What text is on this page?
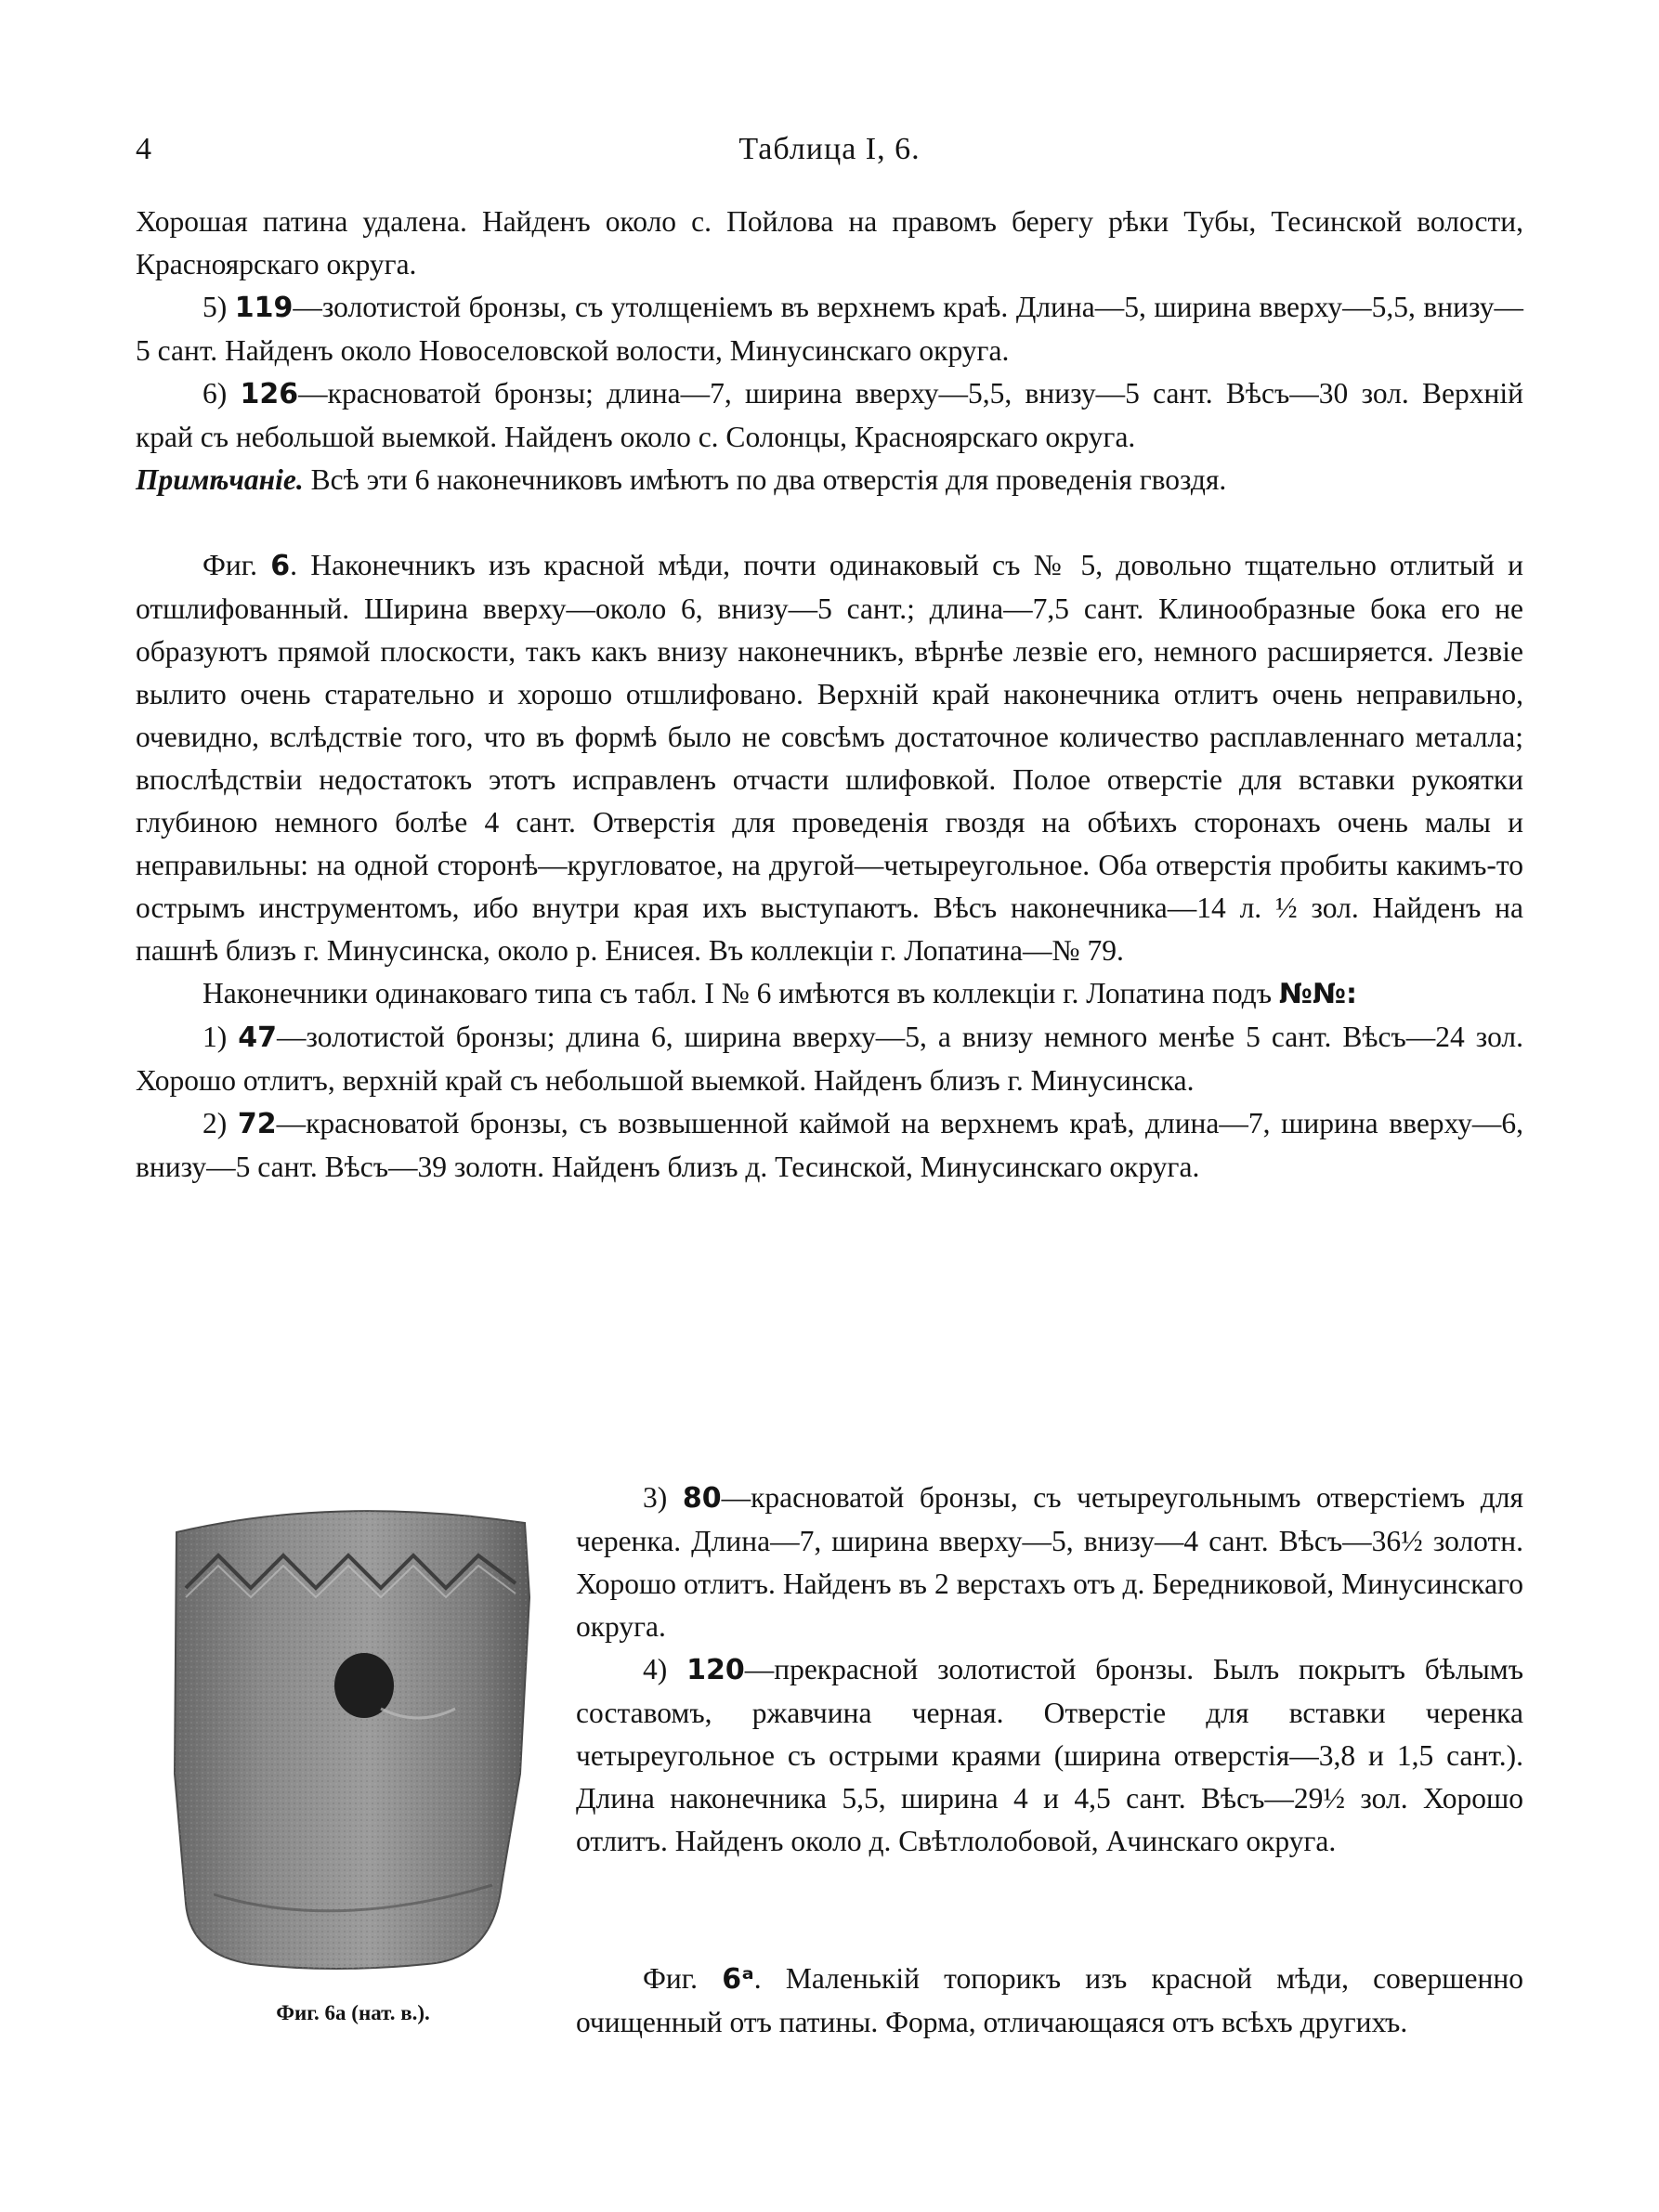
4	Таблица I, 6.

Хорошая патина удалена. Найденъ около с. Пойлова на правомъ берегу рѣки Тубы, Тесинской волости, Красноярскаго округа.

5) 119—золотистой бронзы, съ утолщеніемъ въ верхнемъ краѣ. Длина—5, ширина вверху—5,5, внизу—5 сант. Найденъ около Новоселовской волости, Минусинскаго округа.

6) 126—красноватой бронзы; длина—7, ширина вверху—5,5, внизу—5 сант. Вѣсъ—30 зол. Верхній край съ небольшой выемкой. Найденъ около с. Солонцы, Красноярскаго округа.

Примѣчаніе. Всѣ эти 6 наконечниковъ имѣютъ по два отверстія для проведенія гвоздя.

Фиг. 6. Наконечникъ изъ красной мѣди, почти одинаковый съ № 5, довольно тщательно отлитый и отшлифованный. Ширина вверху—около 6, внизу—5 сант.; длина—7,5 сант. Клинообразные бока его не образуютъ прямой плоскости, такъ какъ внизу наконечникъ, вѣрнѣе лезвіе его, немного расширяется. Лезвіе вылито очень старательно и хорошо отшлифовано. Верхній край наконечника отлитъ очень неправильно, очевидно, вслѣдствіе того, что въ формѣ было не совсѣмъ достаточное количество расплавленнаго металла; впослѣдствіи недостатокъ этотъ исправленъ отчасти шлифовкой. Полое отверстіе для вставки рукоятки глубиною немного болѣе 4 сант. Отверстія для проведенія гвоздя на обѣихъ сторонахъ очень малы и неправильны: на одной сторонѣ—кругловатое, на другой—четыреугольное. Оба отверстія пробиты какимъ-то острымъ инструментомъ, ибо внутри края ихъ выступаютъ. Вѣсъ наконечника—14 л. ½ зол. Найденъ на пашнѣ близъ г. Минусинска, около р. Енисея. Въ коллекціи г. Лопатина—№ 79.

Наконечники одинаковаго типа съ табл. I № 6 имѣются въ коллекціи г. Лопатина подъ №№:

1) 47—золотистой бронзы; длина 6, ширина вверху—5, а внизу немного менѣе 5 сант. Вѣсъ—24 зол. Хорошо отлитъ, верхній край съ небольшой выемкой. Найденъ близъ г. Минусинска.

2) 72—красноватой бронзы, съ возвышенной каймой на верхнемъ краѣ, длина—7, ширина вверху—6, внизу—5 сант. Вѣсъ—39 золотн. Найденъ близъ д. Тесинской, Минусинскаго округа.

Фиг. 6а (нат. в.).

3) 80—красноватой бронзы, съ четыреугольнымъ отверстіемъ для черенка. Длина—7, ширина вверху—5, внизу—4 сант. Вѣсъ—36½ золотн. Хорошо отлитъ. Найденъ въ 2 верстахъ отъ д. Бередниковой, Минусинскаго округа.

4) 120—прекрасной золотистой бронзы. Былъ покрытъ бѣлымъ составомъ, ржавчина черная. Отверстіе для вставки черенка четыреугольное съ острыми краями (ширина отверстія—3,8 и 1,5 сант.). Длина наконечника 5,5, ширина 4 и 4,5 сант. Вѣсъ—29½ зол. Хорошо отлитъ. Найденъ около д. Свѣтлолобовой, Ачинскаго округа.

Фиг. 6ᵃ. Маленькій топорикъ изъ красной мѣди, совершенно очищенный отъ патины. Форма, отличающаяся отъ всѣхъ другихъ.
